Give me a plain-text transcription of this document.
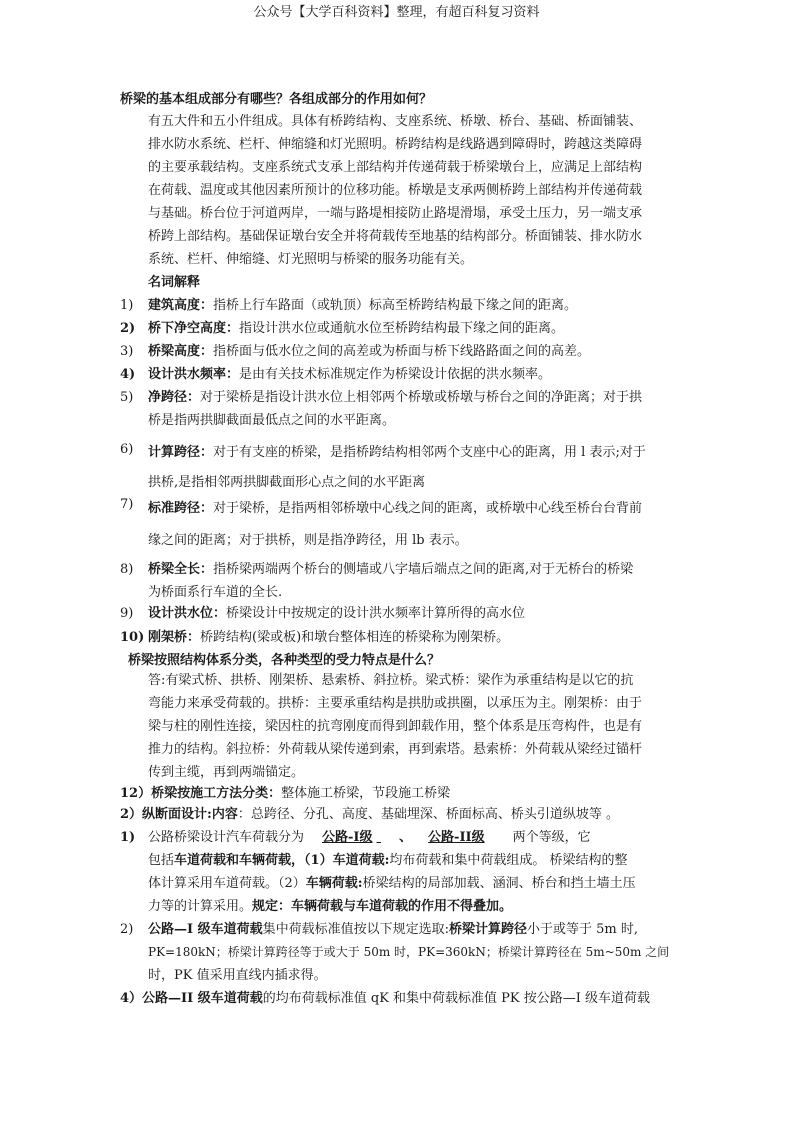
公众号【大学百科资料】整理，有超百科复习资料
桥梁的基本组成部分有哪些？各组成部分的作用如何？
有五大件和五小件组成。具体有桥跨结构、支座系统、桥墩、桥台、基础、桥面铺装、
排水防水系统、栏杆、伸缩缝和灯光照明。桥跨结构是线路遇到障碍时，跨越这类障碍
的主要承载结构。支座系统式支承上部结构并传递荷载于桥梁墩台上，应满足上部结构
在荷载、温度或其他因素所预计的位移功能。桥墩是支承两侧桥跨上部结构并传递荷载
与基础。桥台位于河道两岸，一端与路堤相接防止路堤滑塌，承受土压力，另一端支承
桥跨上部结构。基础保证墩台安全并将荷载传至地基的结构部分。桥面铺装、排水防水
系统、栏杆、伸缩缝、灯光照明与桥梁的服务功能有关。
名词解释
1) 建筑高度：指桥上行车路面（或轨顶）标高至桥跨结构最下缘之间的距离。
2) 桥下净空高度：指设计洪水位或通航水位至桥跨结构最下缘之间的距离。
3) 桥梁高度：指桥面与低水位之间的高差或为桥面与桥下线路路面之间的高差。
4) 设计洪水频率：是由有关技术标准规定作为桥梁设计依据的洪水频率。
5) 净跨径：对于梁桥是指设计洪水位上相邻两个桥墩或桥墩与桥台之间的净距离；对于拱
桥是指两拱脚截面最低点之间的水平距离。
6) 计算跨径：对于有支座的桥梁，是指桥跨结构相邻两个支座中心的距离，用 l 表示;对于
拱桥,是指相邻两拱脚截面形心点之间的水平距离
7) 标准跨径：对于梁桥，是指两相邻桥墩中心线之间的距离，或桥墩中心线至桥台台背前
缘之间的距离；对于拱桥，则是指净跨径，用 lb 表示。
8) 桥梁全长：指桥梁两端两个桥台的侧墙或八字墙后端点之间的距离,对于无桥台的桥梁
为桥面系行车道的全长.
9) 设计洪水位：桥梁设计中按规定的设计洪水频率计算所得的高水位
10) 刚架桥：桥跨结构(梁或板)和墩台整体相连的桥梁称为刚架桥。
桥梁按照结构体系分类，各种类型的受力特点是什么？
答:有梁式桥、拱桥、刚架桥、悬索桥、斜拉桥。梁式桥：梁作为承重结构是以它的抗
弯能力来承受荷载的。拱桥：主要承重结构是拱肋或拱圈，以承压为主。刚架桥：由于
梁与柱的刚性连接，梁因柱的抗弯刚度而得到卸载作用，整个体系是压弯构件，也是有
推力的结构。斜拉桥：外荷载从梁传递到索，再到索塔。悬索桥：外荷载从梁经过锚杆
传到主缆，再到两端锚定。
12）桥梁按施工方法分类：整体施工桥梁，节段施工桥梁
2）纵断面设计:内容：总跨径、分孔、高度、基础埋深、桥面标高、桥头引道纵坡等 。
1) 公路桥梁设计汽车荷载分为 公路-I级 、 公路-II级 两个等级，它
包括车道荷载和车辆荷载，（1）车道荷载:均布荷载和集中荷载组成。 桥梁结构的整
体计算采用车道荷载。（2）车辆荷载:桥梁结构的局部加载、涵洞、桥台和挡土墙土压
力等的计算采用。规定：车辆荷载与车道荷载的作用不得叠加。
2) 公路—I 级车道荷载集中荷载标准值按以下规定选取:桥梁计算跨径小于或等于 5m 时,
PK=180kN；桥梁计算跨径等于或大于 50m 时，PK=360kN；桥梁计算跨径在 5m~50m 之间
时，PK 值采用直线内插求得。
4）公路—II 级车道荷载的均布荷载标准值 qK 和集中荷载标准值 PK 按公路—I 级车道荷载
